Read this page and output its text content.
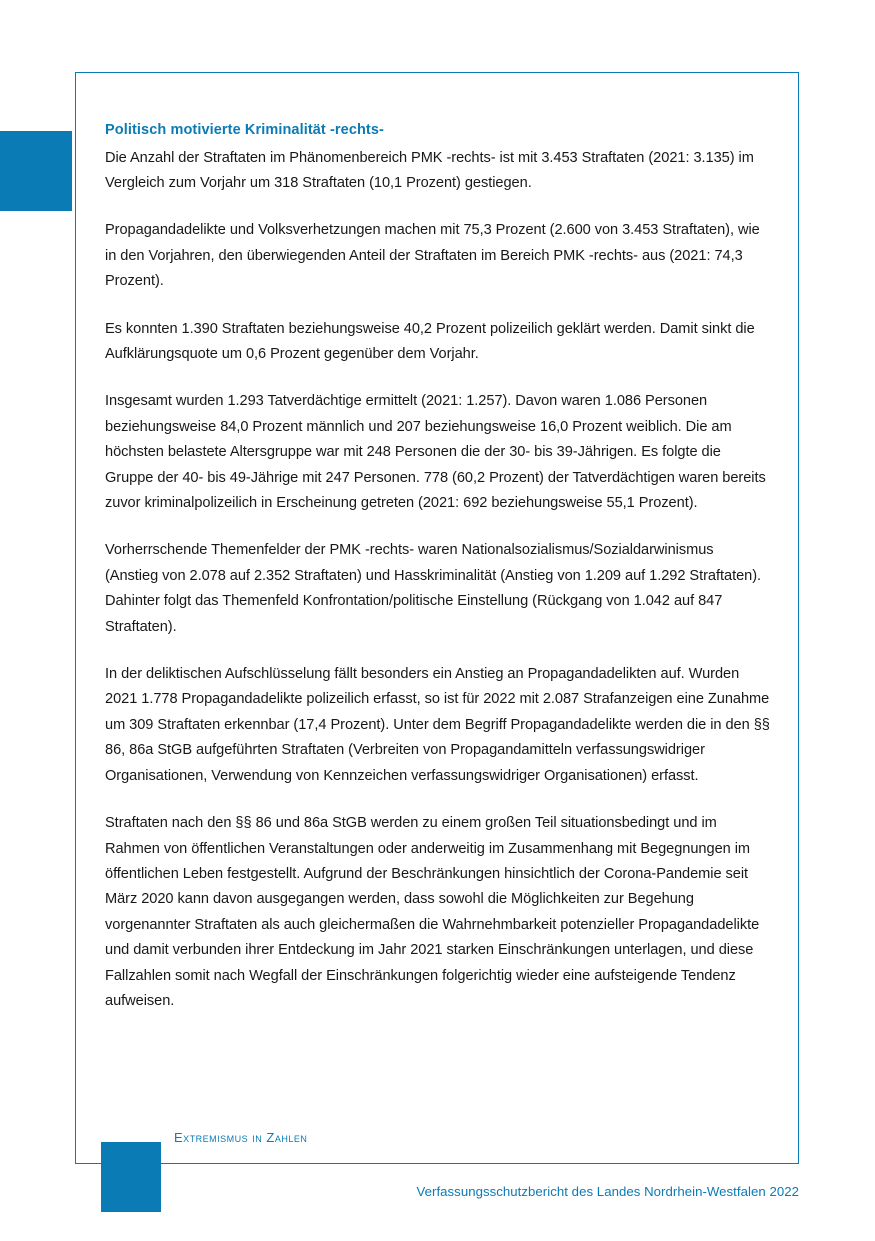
Politisch motivierte Kriminalität -rechts-

Die Anzahl der Straftaten im Phänomenbereich PMK -rechts- ist mit 3.453 Straftaten (2021: 3.135) im Vergleich zum Vorjahr um 318 Straftaten (10,1 Prozent) gestiegen.

Propagandadelikte und Volksverhetzungen machen mit 75,3 Prozent (2.600 von 3.453 Straftaten), wie in den Vorjahren, den überwiegenden Anteil der Straftaten im Bereich PMK -rechts- aus (2021: 74,3 Prozent).

Es konnten 1.390 Straftaten beziehungsweise 40,2 Prozent polizeilich geklärt werden. Damit sinkt die Aufklärungsquote um 0,6 Prozent gegenüber dem Vorjahr.

Insgesamt wurden 1.293 Tatverdächtige ermittelt (2021: 1.257). Davon waren 1.086 Personen beziehungsweise 84,0 Prozent männlich und 207 beziehungsweise 16,0 Prozent weiblich. Die am höchsten belastete Altersgruppe war mit 248 Personen die der 30- bis 39-Jährigen. Es folgte die Gruppe der 40- bis 49-Jährige mit 247 Personen. 778 (60,2 Prozent) der Tatverdächtigen waren bereits zuvor kriminalpolizeilich in Erscheinung getreten (2021: 692 beziehungsweise 55,1 Prozent).

Vorherrschende Themenfelder der PMK -rechts- waren Nationalsozialismus/Sozialdarwinismus (Anstieg von 2.078 auf 2.352 Straftaten) und Hasskriminalität (Anstieg von 1.209 auf 1.292 Straftaten). Dahinter folgt das Themenfeld Konfrontation/politische Einstellung (Rückgang von 1.042 auf 847 Straftaten).

In der deliktischen Aufschlüsselung fällt besonders ein Anstieg an Propagandadelikten auf. Wurden 2021 1.778 Propagandadelikte polizeilich erfasst, so ist für 2022 mit 2.087 Strafanzeigen eine Zunahme um 309 Straftaten erkennbar (17,4 Prozent). Unter dem Begriff Propagandadelikte werden die in den §§ 86, 86a StGB aufgeführten Straftaten (Verbreiten von Propagandamitteln verfassungswidriger Organisationen, Verwendung von Kennzeichen verfassungswidriger Organisationen) erfasst.

Straftaten nach den §§ 86 und 86a StGB werden zu einem großen Teil situationsbedingt und im Rahmen von öffentlichen Veranstaltungen oder anderweitig im Zusammenhang mit Begegnungen im öffentlichen Leben festgestellt. Aufgrund der Beschränkungen hinsichtlich der Corona-Pandemie seit März 2020 kann davon ausgegangen werden, dass sowohl die Möglichkeiten zur Begehung vorgenannter Straftaten als auch gleichermaßen die Wahrnehmbarkeit potenzieller Propagandadelikte und damit verbunden ihrer Entdeckung im Jahr 2021 starken Einschränkungen unterlagen, und diese Fallzahlen somit nach Wegfall der Einschränkungen folgerichtig wieder eine aufsteigende Tendenz aufweisen.

32	Extremismus in Zahlen
Verfassungsschutzbericht des Landes Nordrhein-Westfalen 2022
